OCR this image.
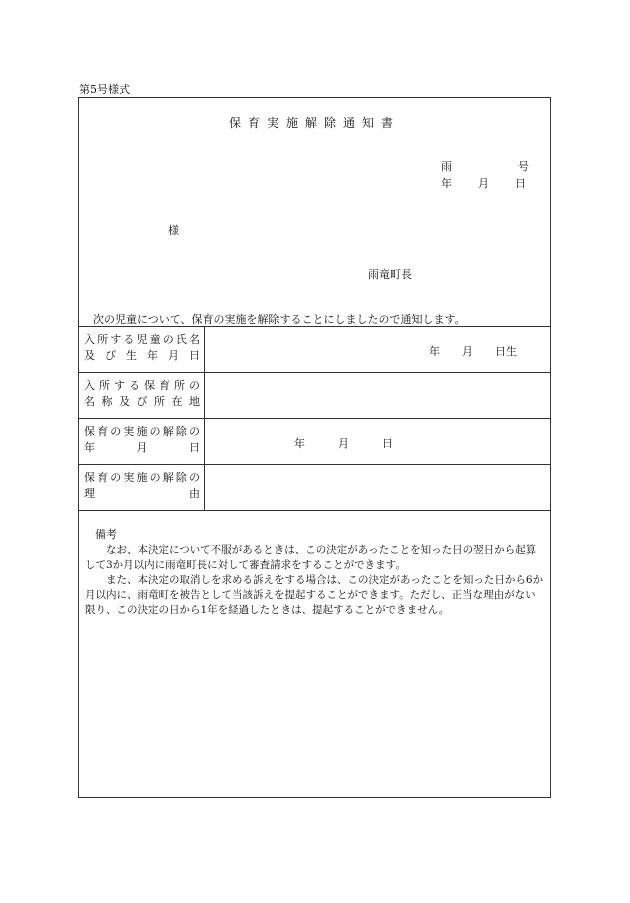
第5号様式
保育実施解除通知書
雨	号
年 月 日
様
雨竜町長
次の児童について、保育の実施を解除することにしましたので通知します。
入所する児童の氏名
及び生年月日	年　　月　　日生
入所する保育所の
名称及び所在地
保育の実施の解除の
年　　月　　日	年　　　月　　　日
保育の実施の解除の
理　　　　　　由
備考

なお、本決定について不服があるときは、この決定があったことを知った日の翌日から起算して3か月以内に雨竜町長に対して審査請求をすることができます。

また、本決定の取消しを求める訴えをする場合は、この決定があったことを知った日から6か月以内に、雨竜町を被告として当該訴えを提起することができます。ただし、正当な理由がない限り、この決定の日から1年を経過したときは、提起することができません。
